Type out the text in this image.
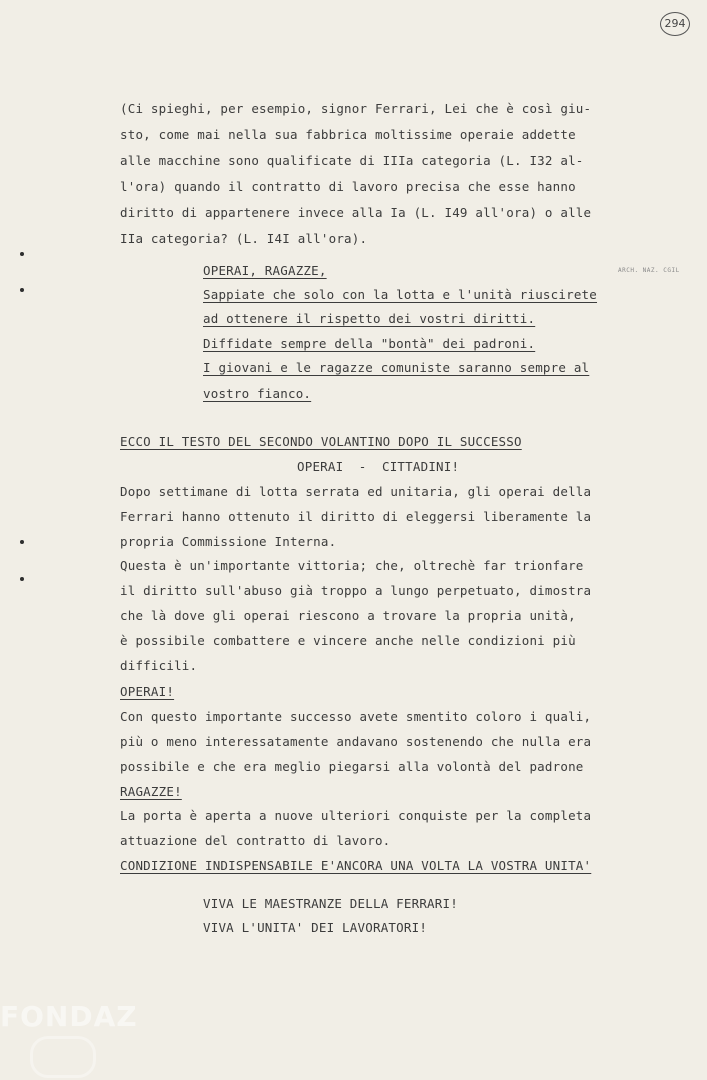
294
ARCH. NAZ. CGIL
(Ci spieghi, per esempio, signor Ferrari, Lei che è così giu-
sto, come mai nella sua fabbrica moltissime operaie addette
alle macchine sono qualificate di IIIa categoria (L. I32 al-
l'ora) quando il contratto di lavoro precisa che esse hanno
diritto di appartenere invece alla Ia (L. I49 all'ora) o alle
IIa categoria? (L. I4I all'ora).
OPERAI, RAGAZZE,
Sappiate che solo con la lotta e l'unità riuscirete
ad ottenere il rispetto dei vostri diritti.
Diffidate sempre della "bontà" dei padroni.
I giovani e le ragazze comuniste saranno sempre al
vostro fianco.
ECCO IL TESTO DEL SECONDO VOLANTINO DOPO IL SUCCESSO
OPERAI  -  CITTADINI!
Dopo settimane di lotta serrata ed unitaria, gli operai della
Ferrari hanno ottenuto il diritto di eleggersi liberamente la
propria Commissione Interna.
Questa è un'importante vittoria; che, oltrechè far trionfare
il diritto sull'abuso già troppo a lungo perpetuato, dimostra
che là dove gli operai riescono a trovare la propria unità,
è possibile combattere e vincere anche nelle condizioni più
difficili.
OPERAI!
Con questo importante successo avete smentito coloro i quali,
più o meno interessatamente andavano sostenendo che nulla era
possibile e che era meglio piegarsi alla volontà del padrone
RAGAZZE!
La porta è aperta a nuove ulteriori conquiste per la completa
attuazione del contratto di lavoro.
CONDIZIONE INDISPENSABILE E'ANCORA UNA VOLTA LA VOSTRA UNITA'
VIVA LE MAESTRANZE DELLA FERRARI!
VIVA L'UNITA' DEI LAVORATORI!
FONDAZ
